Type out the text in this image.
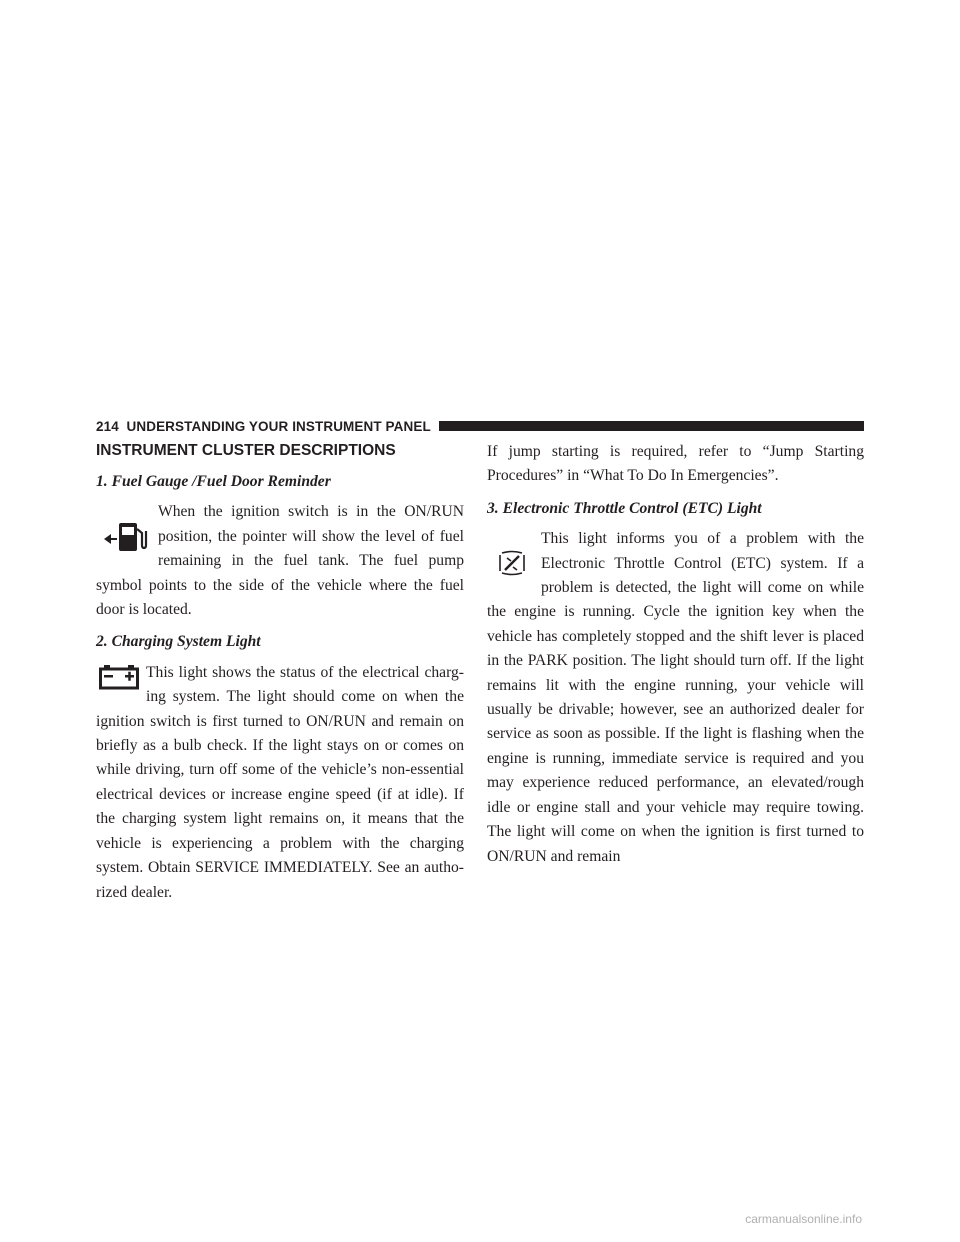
214 UNDERSTANDING YOUR INSTRUMENT PANEL
INSTRUMENT CLUSTER DESCRIPTIONS
1. Fuel Gauge /Fuel Door Reminder

When the ignition switch is in the ON/RUN position, the pointer will show the level of fuel remaining in the fuel tank. The fuel pump symbol points to the side of the vehicle where the fuel door is located.

2. Charging System Light

This light shows the status of the electrical charg-ing system. The light should come on when the ignition switch is first turned to ON/RUN and remain on briefly as a bulb check. If the light stays on or comes on while driving, turn off some of the vehicle’s non-essential electrical devices or increase engine speed (if at idle). If the charging system light remains on, it means that the vehicle is experiencing a problem with the charging system. Obtain SERVICE IMMEDIATELY. See an autho-rized dealer.

If jump starting is required, refer to “Jump Starting Procedures” in “What To Do In Emergencies”.

3. Electronic Throttle Control (ETC) Light

This light informs you of a problem with the Electronic Throttle Control (ETC) system. If a problem is detected, the light will come on while the engine is running. Cycle the ignition key when the vehicle has completely stopped and the shift lever is placed in the PARK position. The light should turn off. If the light remains lit with the engine running, your vehicle will usually be drivable; however, see an authorized dealer for service as soon as possible. If the light is flashing when the engine is running, immediate service is required and you may experience reduced performance, an elevated/rough idle or engine stall and your vehicle may require towing. The light will come on when the ignition is first turned to ON/RUN and remain

carmanualsonline.info
